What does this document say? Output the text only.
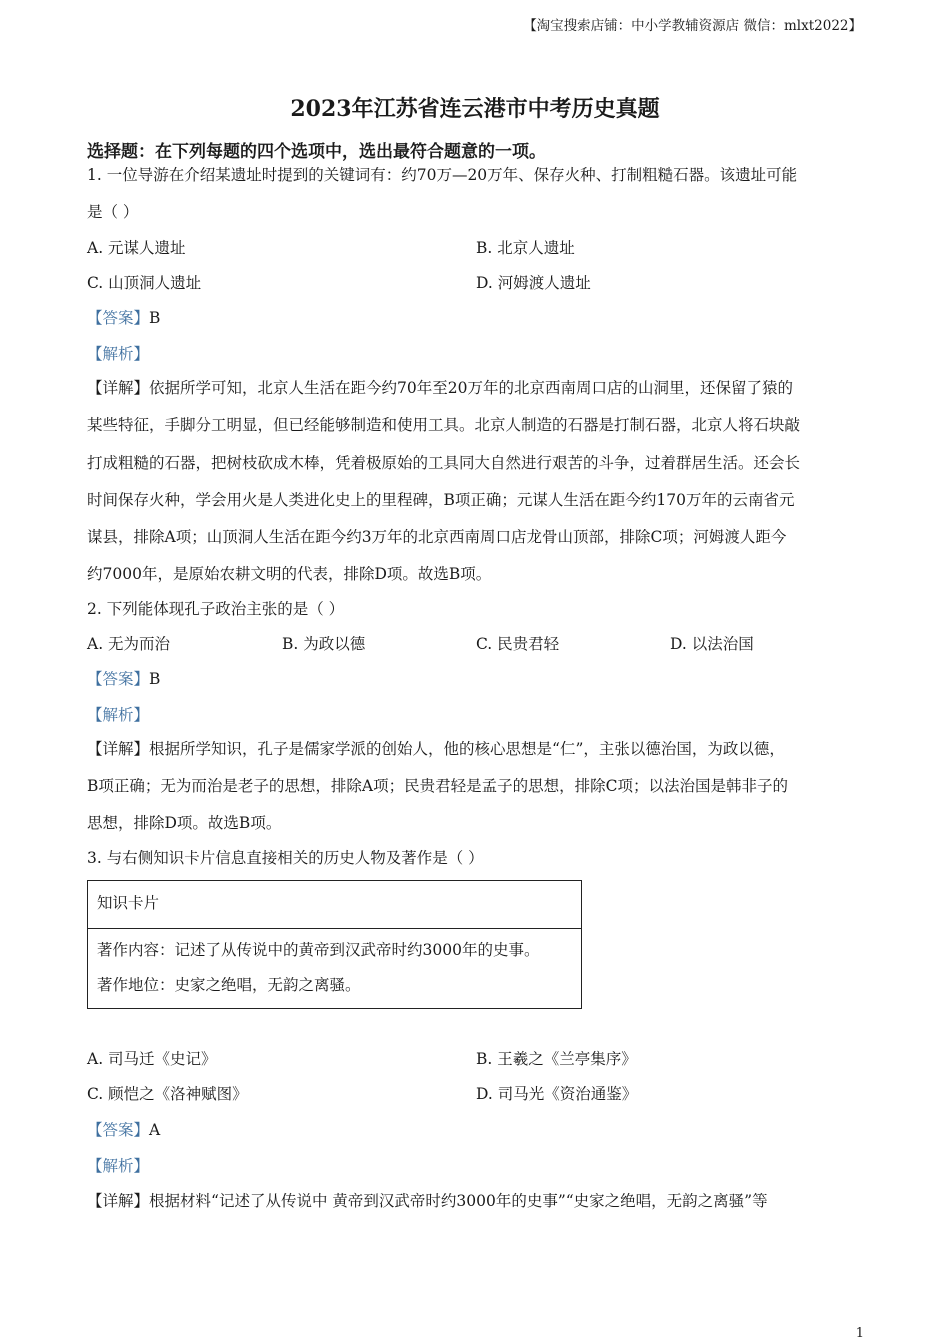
【淘宝搜索店铺：中小学教辅资源店 微信：mlxt2022】
2023年江苏省连云港市中考历史真题
选择题：在下列每题的四个选项中，选出最符合题意的一项。
1. 一位导游在介绍某遗址时提到的关键词有：约70万—20万年、保存火种、打制粗糙石器。该遗址可能
是（ ）
A. 元谋人遗址	B. 北京人遗址
C. 山顶洞人遗址	D. 河姆渡人遗址
【答案】B
【解析】
【详解】依据所学可知，北京人生活在距今约70年至20万年的北京西南周口店的山洞里，还保留了猿的
某些特征，手脚分工明显，但已经能够制造和使用工具。北京人制造的石器是打制石器，北京人将石块敲
打成粗糙的石器，把树枝砍成木棒，凭着极原始的工具同大自然进行艰苦的斗争，过着群居生活。还会长
时间保存火种，学会用火是人类进化史上的里程碑，B项正确；元谋人生活在距今约170万年的云南省元
谋县，排除A项；山顶洞人生活在距今约3万年的北京西南周口店龙骨山顶部，排除C项；河姆渡人距今
约7000年，是原始农耕文明的代表，排除D项。故选B项。
2. 下列能体现孔子政治主张的是（ ）
A. 无为而治	B. 为政以德	C. 民贵君轻	D. 以法治国
【答案】B
【解析】
【详解】根据所学知识，孔子是儒家学派的创始人，他的核心思想是“仁”，主张以德治国，为政以德，
B项正确；无为而治是老子的思想，排除A项；民贵君轻是孟子的思想，排除C项；以法治国是韩非子的
思想，排除D项。故选B项。
3. 与右侧知识卡片信息直接相关的历史人物及著作是（ ）
知识卡片
著作内容：记述了从传说中的黄帝到汉武帝时约3000年的史事。
著作地位：史家之绝唱，无韵之离骚。
A. 司马迁《史记》	B. 王羲之《兰亭集序》
C. 顾恺之《洛神赋图》	D. 司马光《资治通鉴》
【答案】A
【解析】
【详解】根据材料“记述了从传说中 黄帝到汉武帝时约3000年的史事”“史家之绝唱，无韵之离骚”等
1
